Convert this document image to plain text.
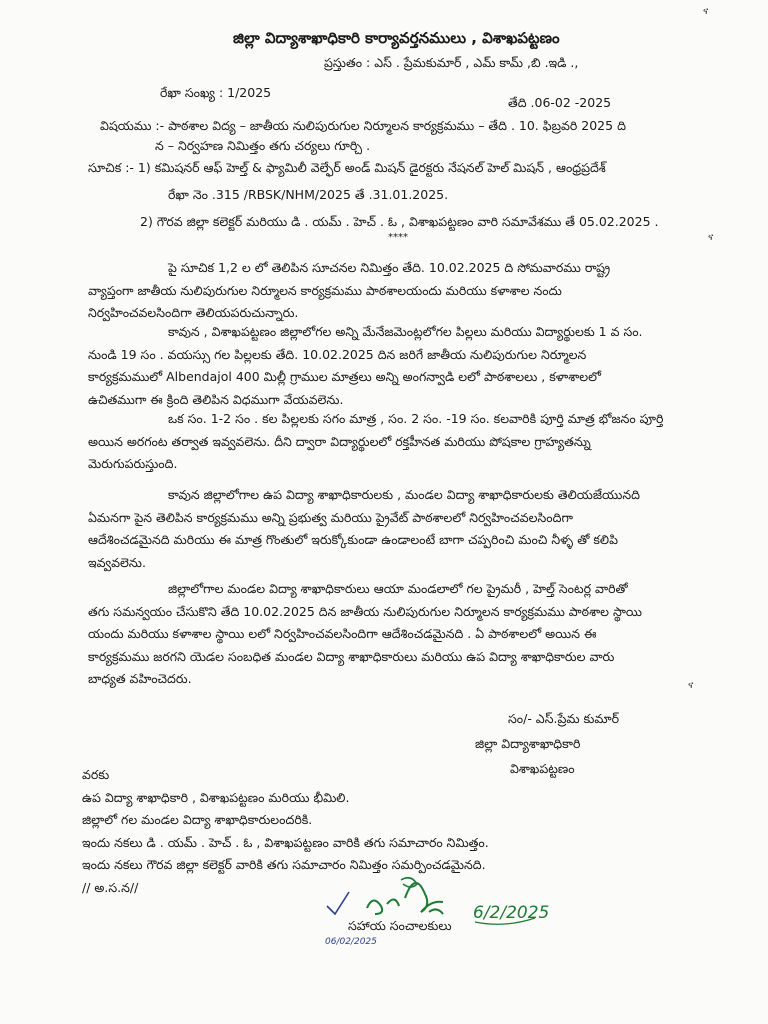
ና
జిల్లా విద్యాశాఖాధికారి కార్యావర్తనములు , విశాఖపట్టణం
ప్రస్తుతం : ఎస్ . ప్రేమకుమార్ , ఎమ్ కామ్ ,బి .ఇడి .,
రేఖా సంఖ్య : 1/2025
తేది .06-02 -2025
విషయము :- పాఠశాల విద్య – జాతీయ నులిపురుగుల నిర్మూలన కార్యక్రమము – తేది . 10. ఫిబ్రవరి 2025 ది
న – నిర్వహణ నిమిత్తం తగు చర్యలు గూర్చి .
సూచిక :- 1) కమిషనర్ ఆఫ్ హెల్త్ & ఫ్యామిలీ వెల్ఫేర్ అండ్ మిషన్ డైరక్టరు నేషనల్ హెల్ మిషన్ , ఆంధ్రప్రదేశ్
రేఖా నెం .315 /RBSK/NHM/2025 తే .31.01.2025.
2) గౌరవ జిల్లా కలెక్టర్ మరియు డి . యమ్ . హెచ్ . ఓ , విశాఖపట్టణం వారి సమావేశము తే 05.02.2025 .
****
పై సూచిక 1,2 ల లో తెలిపిన సూచనల నిమిత్తం తేది. 10.02.2025 ది సోమవారము రాష్ట్ర
వ్యాప్తంగా జాతీయ నులిపురుగుల నిర్మూలన కార్యక్రమము పాఠశాలయందు మరియు కళాశాల నందు
నిర్వహించవలసిందిగా తెలియపరుచున్నారు.
కావున , విశాఖపట్టణం జిల్లాలోగల అన్ని మేనేజమెంట్లలోగల పిల్లలు మరియు విద్యార్థులకు 1 వ సం.
నుండి 19 సం . వయస్సు గల పిల్లలకు తేది. 10.02.2025 దిన జరిగే జాతీయ నులిపురుగుల నిర్మూలన
కార్యక్రమములో Albendajol 400 మిల్లీ గ్రాముల మాత్రలు అన్ని అంగన్వాడి లలో పాఠశాలలు , కళాశాలలో
ఉచితముగా ఈ క్రింది తెలిపిన విధముగా వేయవలెను.
ఒక సం. 1-2 సం . కల పిల్లలకు సగం మాత్ర , సం. 2 సం. -19 సం. కలవారికి పూర్తి మాత్ర భోజనం పూర్తి
అయిన అరగంట తర్వాత ఇవ్వవలెను. దీని ద్వారా విద్యార్థులలో రక్తహీనత మరియు పోషకాల గ్రాహ్యతన్ను
మెరుగుపరుస్తుంది.
కావున జిల్లాలోగాల ఉప విద్యా శాఖాధికారులకు , మండల విద్యా శాఖాధికారులకు తెలియజేయునది
ఏమనగా పైన తెలిపిన కార్యక్రమము అన్ని ప్రభుత్వ మరియు ప్రైవేట్ పాఠశాలలో నిర్వహించవలసిందిగా
ఆదేశించడమైనది మరియు ఈ మాత్ర గొంతులో ఇరుక్కోకుండా ఉండాలంటే బాగా చప్పరించి మంచి నీళ్ళ తో కలిపి
ఇవ్వవలెను.
జిల్లాలోగాల మండల విద్యా శాఖాధికారులు ఆయా మండలాలో గల ప్రైమరీ , హెల్త్ సెంటర్ల వారితో
తగు సమన్వయం చేసుకొని తేది 10.02.2025 దిన జాతీయ నులిపురుగుల నిర్మూలన కార్యక్రమము పాఠశాల స్థాయి
యందు మరియు కళాశాల స్థాయి లలో నిర్వహించవలసిందిగా ఆదేశించడమైనది . ఏ పాఠశాలలో అయిన ఈ
కార్యక్రమము జరగని యెడల సంబధిత మండల విద్యా శాఖాధికారులు మరియు ఉప విద్యా శాఖాధికారుల వారు
బాధ్యత వహించెదరు.
ና
ና
సం/- ఎస్.ప్రేమ కుమార్
జిల్లా విద్యాశాఖాధికారి
విశాఖపట్టణం
వరకు
ఉప విద్యా శాఖాధికారి , విశాఖపట్టణం మరియు భీమిలి.
జిల్లాలో గల మండల విద్యా శాఖాధికారులందరికి.
ఇందు నకలు డి . యమ్ . హెచ్ . ఓ , విశాఖపట్టణం వారికి తగు సమాచారం నిమిత్తం.
ఇందు నకలు గౌరవ జిల్లా కలెక్టర్ వారికి తగు సమాచారం నిమిత్తం సమర్పించడమైనది.
// అ.స.న//
6/2/2025
06/02/2025
సహాయ సంచాలకులు
